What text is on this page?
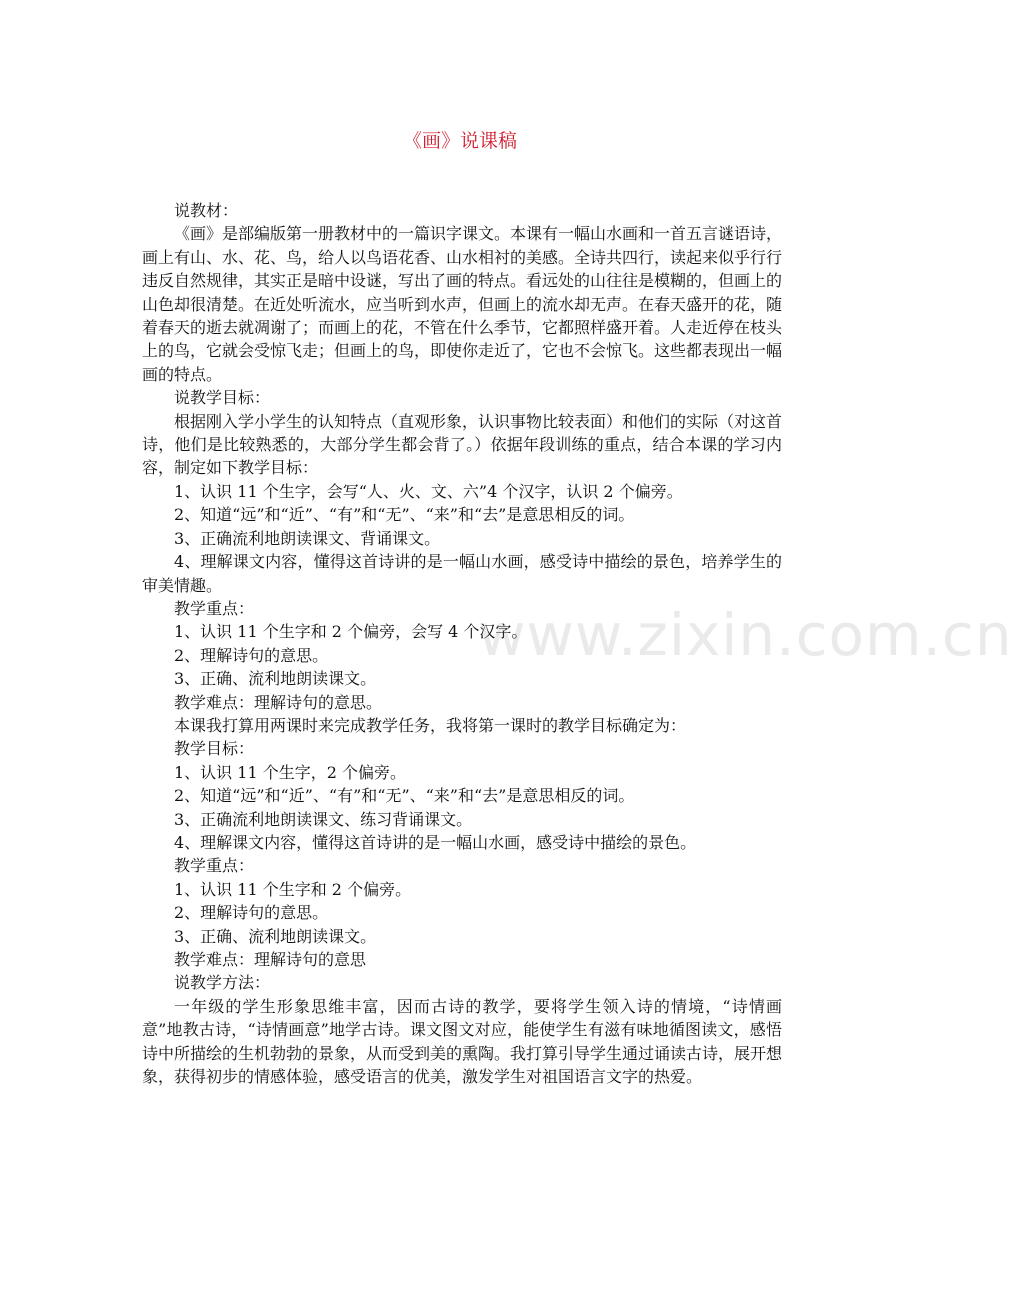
《画》说课稿
www.zixin.com.cn

说教材：

《画》是部编版第一册教材中的一篇识字课文。本课有一幅山水画和一首五言谜语诗，画上有山、水、花、鸟，给人以鸟语花香、山水相衬的美感。全诗共四行，读起来似乎行行违反自然规律，其实正是暗中设谜，写出了画的特点。看远处的山往往是模糊的，但画上的山色却很清楚。在近处听流水，应当听到水声，但画上的流水却无声。在春天盛开的花，随着春天的逝去就凋谢了；而画上的花，不管在什么季节，它都照样盛开着。人走近停在枝头上的鸟，它就会受惊飞走；但画上的鸟，即使你走近了，它也不会惊飞。这些都表现出一幅画的特点。

说教学目标：

根据刚入学小学生的认知特点（直观形象，认识事物比较表面）和他们的实际（对这首诗，他们是比较熟悉的，大部分学生都会背了。）依据年段训练的重点，结合本课的学习内容，制定如下教学目标：

1、认识 11 个生字，会写“人、火、文、六”4 个汉字，认识 2 个偏旁。

2、知道“远”和“近”、“有”和“无”、“来”和“去”是意思相反的词。

3、正确流利地朗读课文、背诵课文。

4、理解课文内容，懂得这首诗讲的是一幅山水画，感受诗中描绘的景色，培养学生的审美情趣。

教学重点：

1、认识 11 个生字和 2 个偏旁，会写 4 个汉字。

2、理解诗句的意思。

3、正确、流利地朗读课文。

教学难点：理解诗句的意思。

本课我打算用两课时来完成教学任务，我将第一课时的教学目标确定为：

教学目标：

1、认识 11 个生字，2 个偏旁。

2、知道“远”和“近”、“有”和“无”、“来”和“去”是意思相反的词。

3、正确流利地朗读课文、练习背诵课文。

4、理解课文内容，懂得这首诗讲的是一幅山水画，感受诗中描绘的景色。

教学重点：

1、认识 11 个生字和 2 个偏旁。

2、理解诗句的意思。

3、正确、流利地朗读课文。

教学难点：理解诗句的意思

说教学方法：

一年级的学生形象思维丰富，因而古诗的教学，要将学生领入诗的情境，“诗情画意”地教古诗，“诗情画意”地学古诗。课文图文对应，能使学生有滋有味地循图读文，感悟诗中所描绘的生机勃勃的景象，从而受到美的熏陶。我打算引导学生通过诵读古诗，展开想象，获得初步的情感体验，感受语言的优美，激发学生对祖国语言文字的热爱。
